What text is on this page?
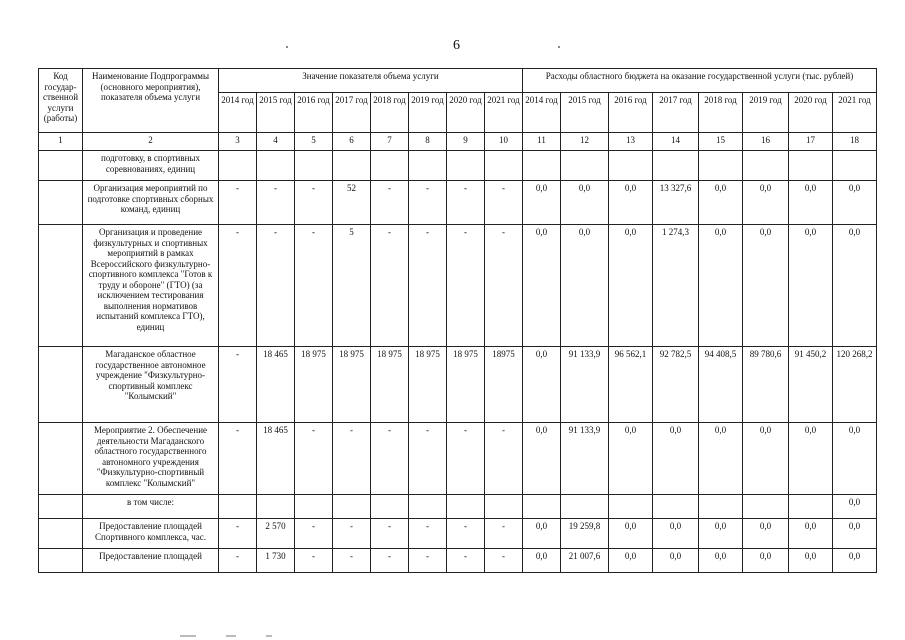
6
Код государ-ственной услуги (работы)	Наименование Подпрограммы (основного мероприятия), показателя объема услуги	Значение показателя объема услуги								Расходы областного бюджета на оказание государственной услуги (тыс. рублей)							
		2014 год	2015 год	2016 год	2017 год	2018 год	2019 год	2020 год	2021 год	2014 год	2015 год	2016 год	2017 год	2018 год	2019 год	2020 год	2021 год
1	2	3	4	5	6	7	8	9	10	11	12	13	14	15	16	17	18
	подготовку, в спортивных соревнованиях, единиц																
	Организация мероприятий по подготовке спортивных сборных команд, единиц	-	-	-	52	-	-	-	-	0,0	0,0	0,0	13 327,6	0,0	0,0	0,0	0,0
	Организация и проведение физкультурных и спортивных мероприятий в рамках Всероссийского физкультурно-спортивного комплекса "Готов к труду и обороне" (ГТО) (за исключением тестирования выполнения нормативов испытаний комплекса ГТО), единиц	-	-	-	5	-	-	-	-	0,0	0,0	0,0	1 274,3	0,0	0,0	0,0	0,0
	Магаданское областное государственное автономное учреждение "Физкультурно-спортивный комплекс "Колымский"	-	18 465	18 975	18 975	18 975	18 975	18 975	18975	0,0	91 133,9	96 562,1	92 782,5	94 408,5	89 780,6	91 450,2	120 268,2
	Мероприятие 2. Обеспечение деятельности Магаданского областного государственного автономного учреждения "Физкультурно-спортивный комплекс "Колымский"	-	18 465	-	-	-	-	-	-	0,0	91 133,9	0,0	0,0	0,0	0,0	0,0	0,0
	в том числе:																0,0
	Предоставление площадей Спортивного комплекса, час.	-	2 570	-	-	-	-	-	-	0,0	19 259,8	0,0	0,0	0,0	0,0	0,0	0,0
	Предоставление площадей	-	1 730	-	-	-	-	-	-	0,0	21 007,6	0,0	0,0	0,0	0,0	0,0	0,0
